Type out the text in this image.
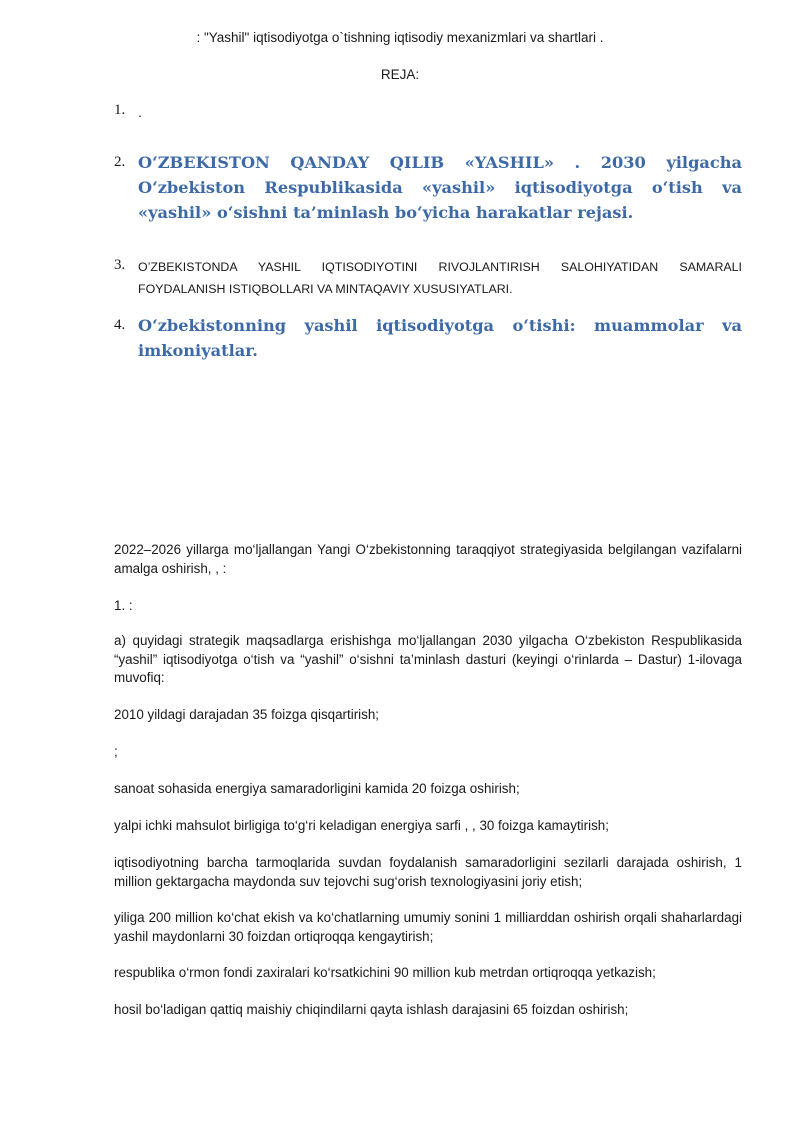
: "Yashil" iqtisodiyotga o`tishning iqtisodiy mexanizmlari va shartlari .
REJA:
1. .
2. O‘ZBEKISTON QANDAY QILIB «YASHIL» . 2030 yilgacha O‘zbekiston Respublikasida «yashil» iqtisodiyotga o‘tish va «yashil» o‘sishni ta’minlash bo‘yicha harakatlar rejasi.
3.	O’ZBEKISTONDA YASHIL IQTISODIYOTINI RIVOJLANTIRISH SALOHIYATIDAN SAMARALI FOYDALANISH ISTIQBOLLARI VA MINTAQAVIY XUSUSIYATLARI.
4. O‘zbekistonning yashil iqtisodiyotga o‘tishi: muammolar va imkoniyatlar.
2022–2026 yillarga mo‘ljallangan Yangi O‘zbekistonning taraqqiyot strategiyasida belgilangan vazifalarni amalga oshirish, , :
1. :
a) quyidagi strategik maqsadlarga erishishga mo‘ljallangan 2030 yilgacha O‘zbekiston Respublikasida “yashil” iqtisodiyotga o‘tish va “yashil” o‘sishni ta’minlash dasturi (keyingi o‘rinlarda – Dastur) 1-ilovaga muvofiq:
2010 yildagi darajadan 35 foizga qisqartirish;
;
sanoat sohasida energiya samaradorligini kamida 20 foizga oshirish;
yalpi ichki mahsulot birligiga to‘g‘ri keladigan energiya sarfi , , 30 foizga kamaytirish;
iqtisodiyotning barcha tarmoqlarida suvdan foydalanish samaradorligini sezilarli darajada oshirish, 1 million gektargacha maydonda suv tejovchi sug‘orish texnologiyasini joriy etish;
yiliga 200 million ko‘chat ekish va ko‘chatlarning umumiy sonini 1 milliarddan oshirish orqali shaharlardagi yashil maydonlarni 30 foizdan ortiqroqqa kengaytirish;
respublika o‘rmon fondi zaxiralari ko‘rsatkichini 90 million kub metrdan ortiqroqqa yetkazish;
hosil bo‘ladigan qattiq maishiy chiqindilarni qayta ishlash darajasini 65 foizdan oshirish;
